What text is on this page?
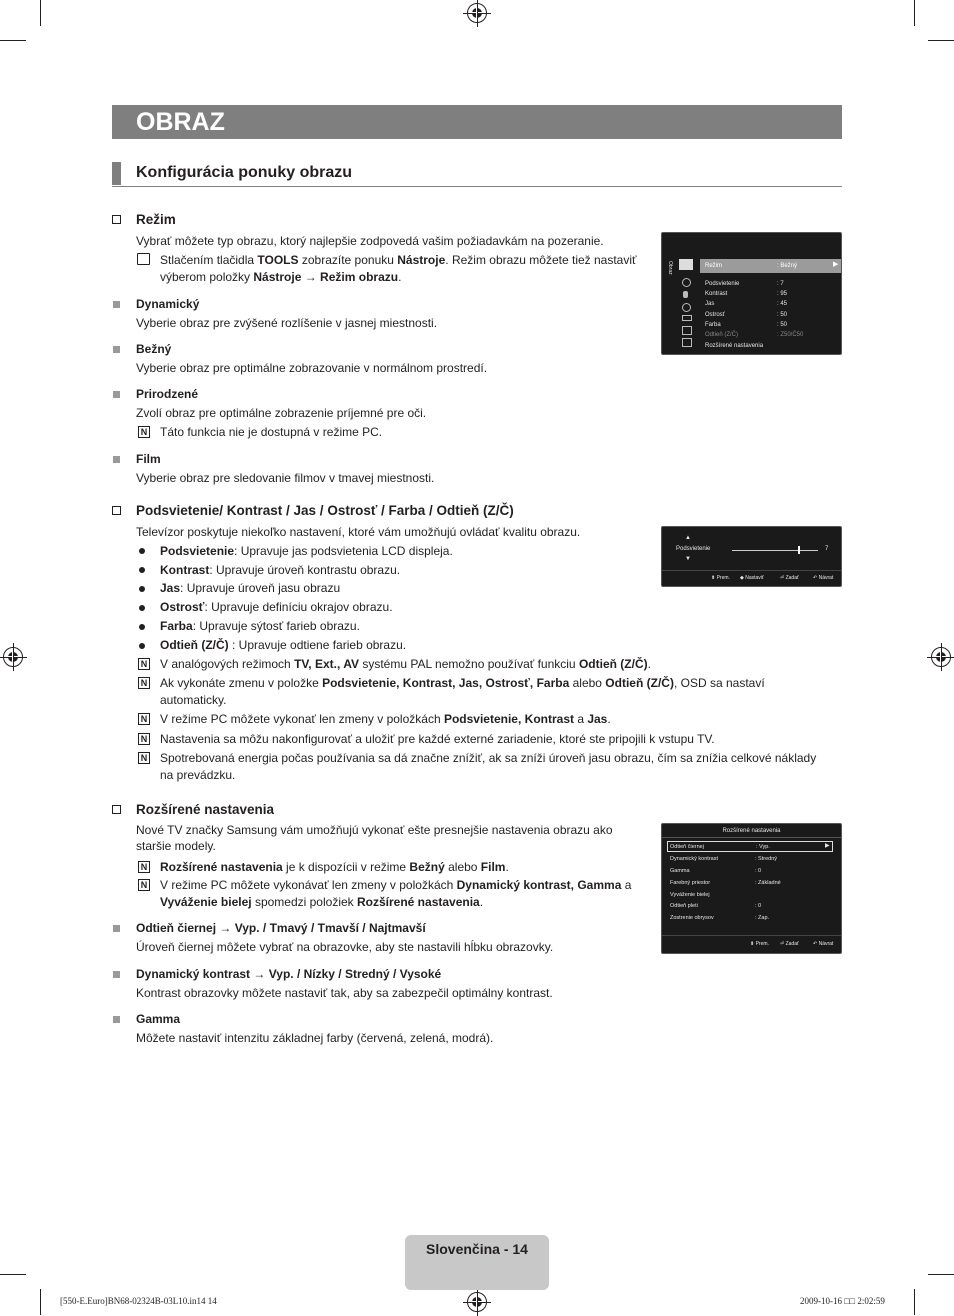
OBRAZ
Konfigurácia ponuky obrazu
Režim
Vybrať môžete typ obrazu, ktorý najlepšie zodpovedá vašim požiadavkám na pozeranie.
Stlačením tlačidla TOOLS zobrazíte ponuku Nástroje. Režim obrazu môžete tiež nastaviť
výberom položky Nástroje → Režim obrazu.
Dynamický
Vyberie obraz pre zvýšené rozlíšenie v jasnej miestnosti.
Bežný
Vyberie obraz pre optimálne zobrazovanie v normálnom prostredí.
Prirodzené
Zvolí obraz pre optimálne zobrazenie príjemné pre oči.
N Táto funkcia nie je dostupná v režime PC.
Film
Vyberie obraz pre sledovanie filmov v tmavej miestnosti.
Obraz	Režim	: Bežný	▶
Podsvietenie	: 7
Kontrast	: 95
Jas	: 45
Ostrosť	: 50
Farba	: 50
Odtieň (Z/Č)	: Z50/Č50
Rozšírené nastavenia
Podsvietenie/ Kontrast / Jas / Ostrosť / Farba / Odtieň (Z/Č)
Televízor poskytuje niekoľko nastavení, ktoré vám umožňujú ovládať kvalitu obrazu.
Podsvietenie: Upravuje jas podsvietenia LCD displeja.
Kontrast: Upravuje úroveň kontrastu obrazu.
Jas: Upravuje úroveň jasu obrazu
Ostrosť: Upravuje definíciu okrajov obrazu.
Farba: Upravuje sýtosť farieb obrazu.
Odtieň (Z/Č) : Upravuje odtiene farieb obrazu.
N V analógových režimoch TV, Ext., AV systému PAL nemožno používať funkciu Odtieň (Z/Č).
N Ak vykonáte zmenu v položke Podsvietenie, Kontrast, Jas, Ostrosť, Farba alebo Odtieň (Z/Č), OSD sa nastaví
automaticky.
N V režime PC môžete vykonať len zmeny v položkách Podsvietenie, Kontrast a Jas.
N Nastavenia sa môžu nakonfigurovať a uložiť pre každé externé zariadenie, ktoré ste pripojili k vstupu TV.
N Spotrebovaná energia počas používania sa dá značne znížiť, ak sa zníži úroveň jasu obrazu, čím sa znížia celkové náklady
na prevádzku.
▲
Podsvietenie
▼
7
⬍ Prem. ◆ Nastaviť	⏎ Zadať	↶ Návrat
Rozšírené nastavenia
Nové TV značky Samsung vám umožňujú vykonať ešte presnejšie nastavenia obrazu ako
staršie modely.
N Rozšírené nastavenia je k dispozícii v režime Bežný alebo Film.
N V režime PC môžete vykonávať len zmeny v položkách Dynamický kontrast, Gamma a
Vyváženie bielej spomedzi položiek Rozšírené nastavenia.
Odtieň čiernej → Vyp. / Tmavý / Tmavší / Najtmavší
Úroveň čiernej môžete vybrať na obrazovke, aby ste nastavili hĺbku obrazovky.
Dynamický kontrast → Vyp. / Nízky / Stredný / Vysoké
Kontrast obrazovky môžete nastaviť tak, aby sa zabezpečil optimálny kontrast.
Gamma
Môžete nastaviť intenzitu základnej farby (červená, zelená, modrá).
Rozšírené nastavenia
Odtieň čiernej	: Vyp.	▶
Dynamický kontrast	: Stredný
Gamma	: 0
Farebný priestor	: Základné
Vyváženie bielej
Odtieň pleti	: 0
Zostrenie obrysov	: Zap.
⬍ Prem. ⏎ Zadať	↶ Návrat
Slovenčina - 14
[550-E.Euro]BN68-02324B-03L10.in14 14	2009-10-16 □□ 2:02:59
